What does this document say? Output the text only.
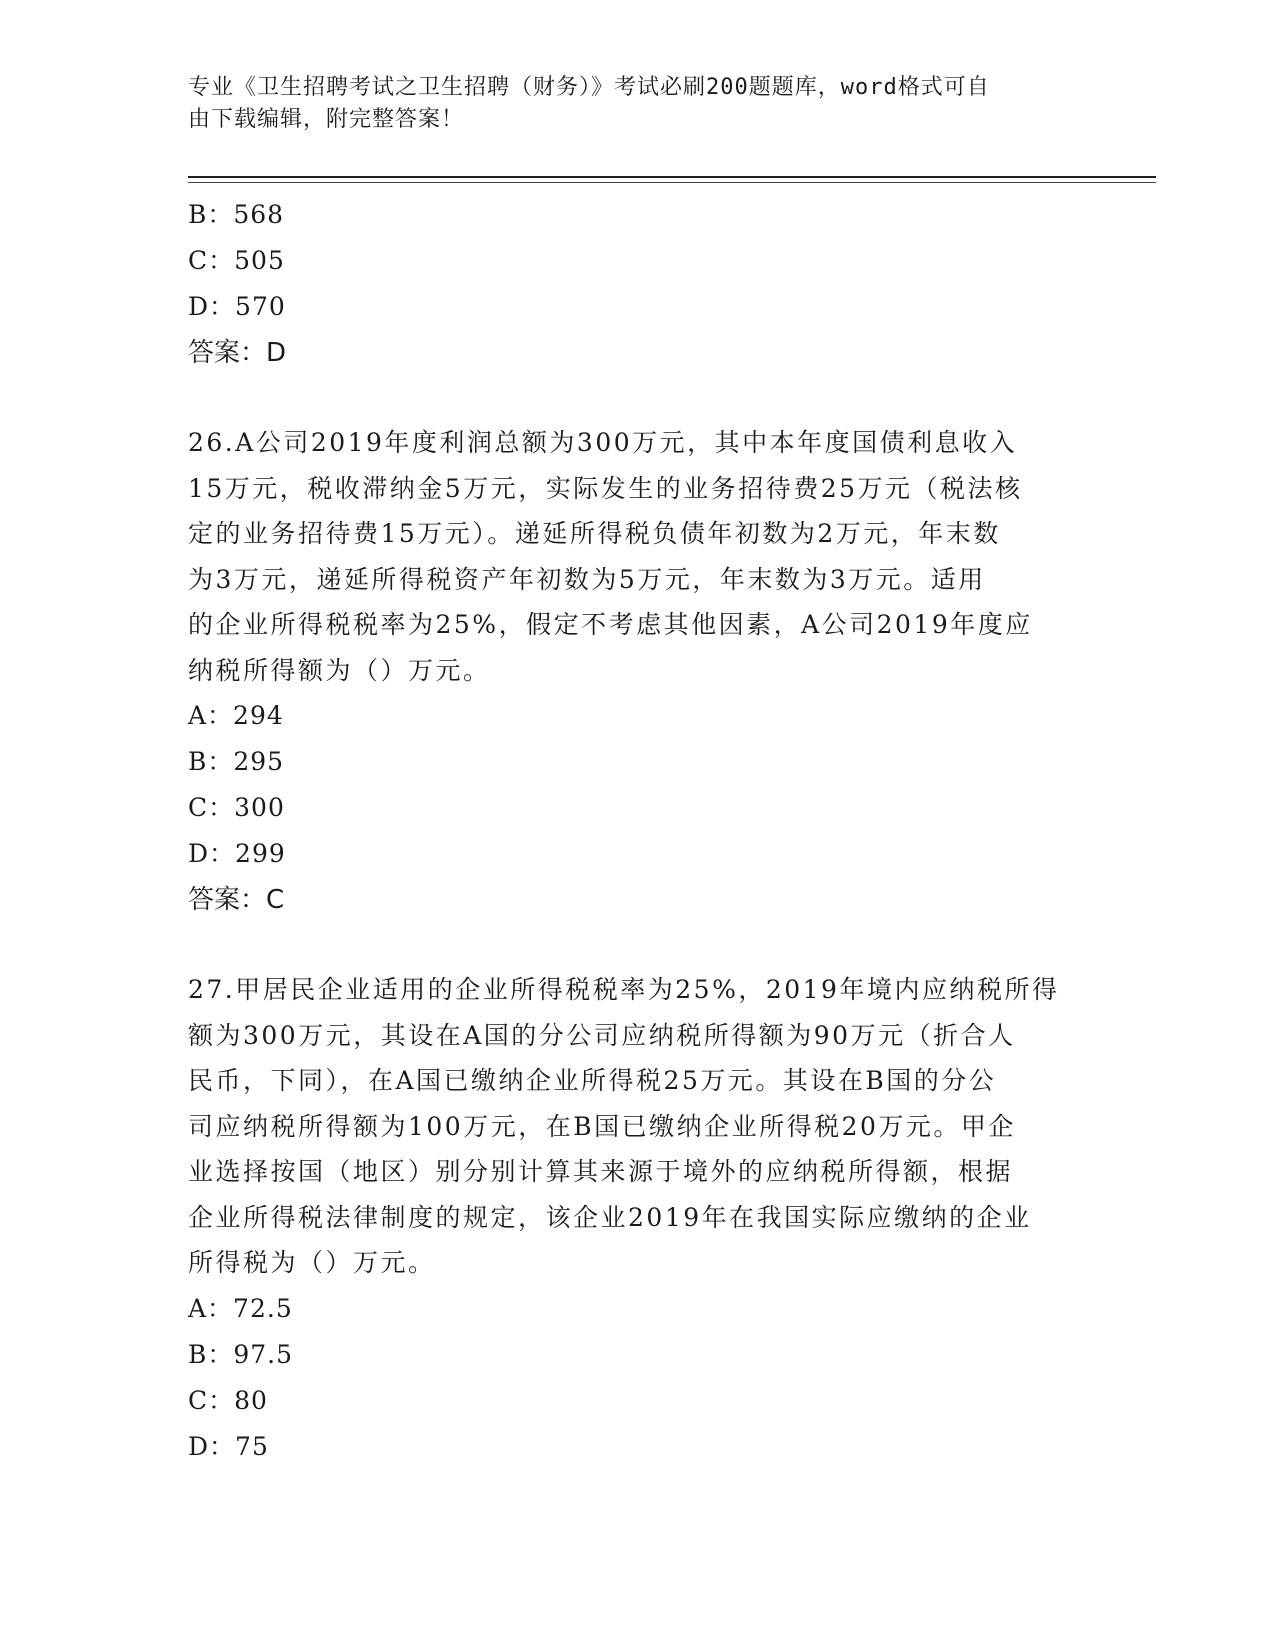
专业《卫生招聘考试之卫生招聘（财务）》考试必刷200题题库，word格式可自
由下载编辑，附完整答案！
B：568
C：505
D：570
答案：D
26.A公司2019年度利润总额为300万元，其中本年度国债利息收入
15万元，税收滞纳金5万元，实际发生的业务招待费25万元（税法核
定的业务招待费15万元）。递延所得税负债年初数为2万元，年末数
为3万元，递延所得税资产年初数为5万元，年末数为3万元。适用
的企业所得税税率为25%，假定不考虑其他因素，A公司2019年度应
纳税所得额为（）万元。
A：294
B：295
C：300
D：299
答案：C
27.甲居民企业适用的企业所得税税率为25%，2019年境内应纳税所得
额为300万元，其设在A国的分公司应纳税所得额为90万元（折合人
民币，下同），在A国已缴纳企业所得税25万元。其设在B国的分公
司应纳税所得额为100万元，在B国已缴纳企业所得税20万元。甲企
业选择按国（地区）别分别计算其来源于境外的应纳税所得额，根据
企业所得税法律制度的规定，该企业2019年在我国实际应缴纳的企业
所得税为（）万元。
A：72.5
B：97.5
C：80
D：75
